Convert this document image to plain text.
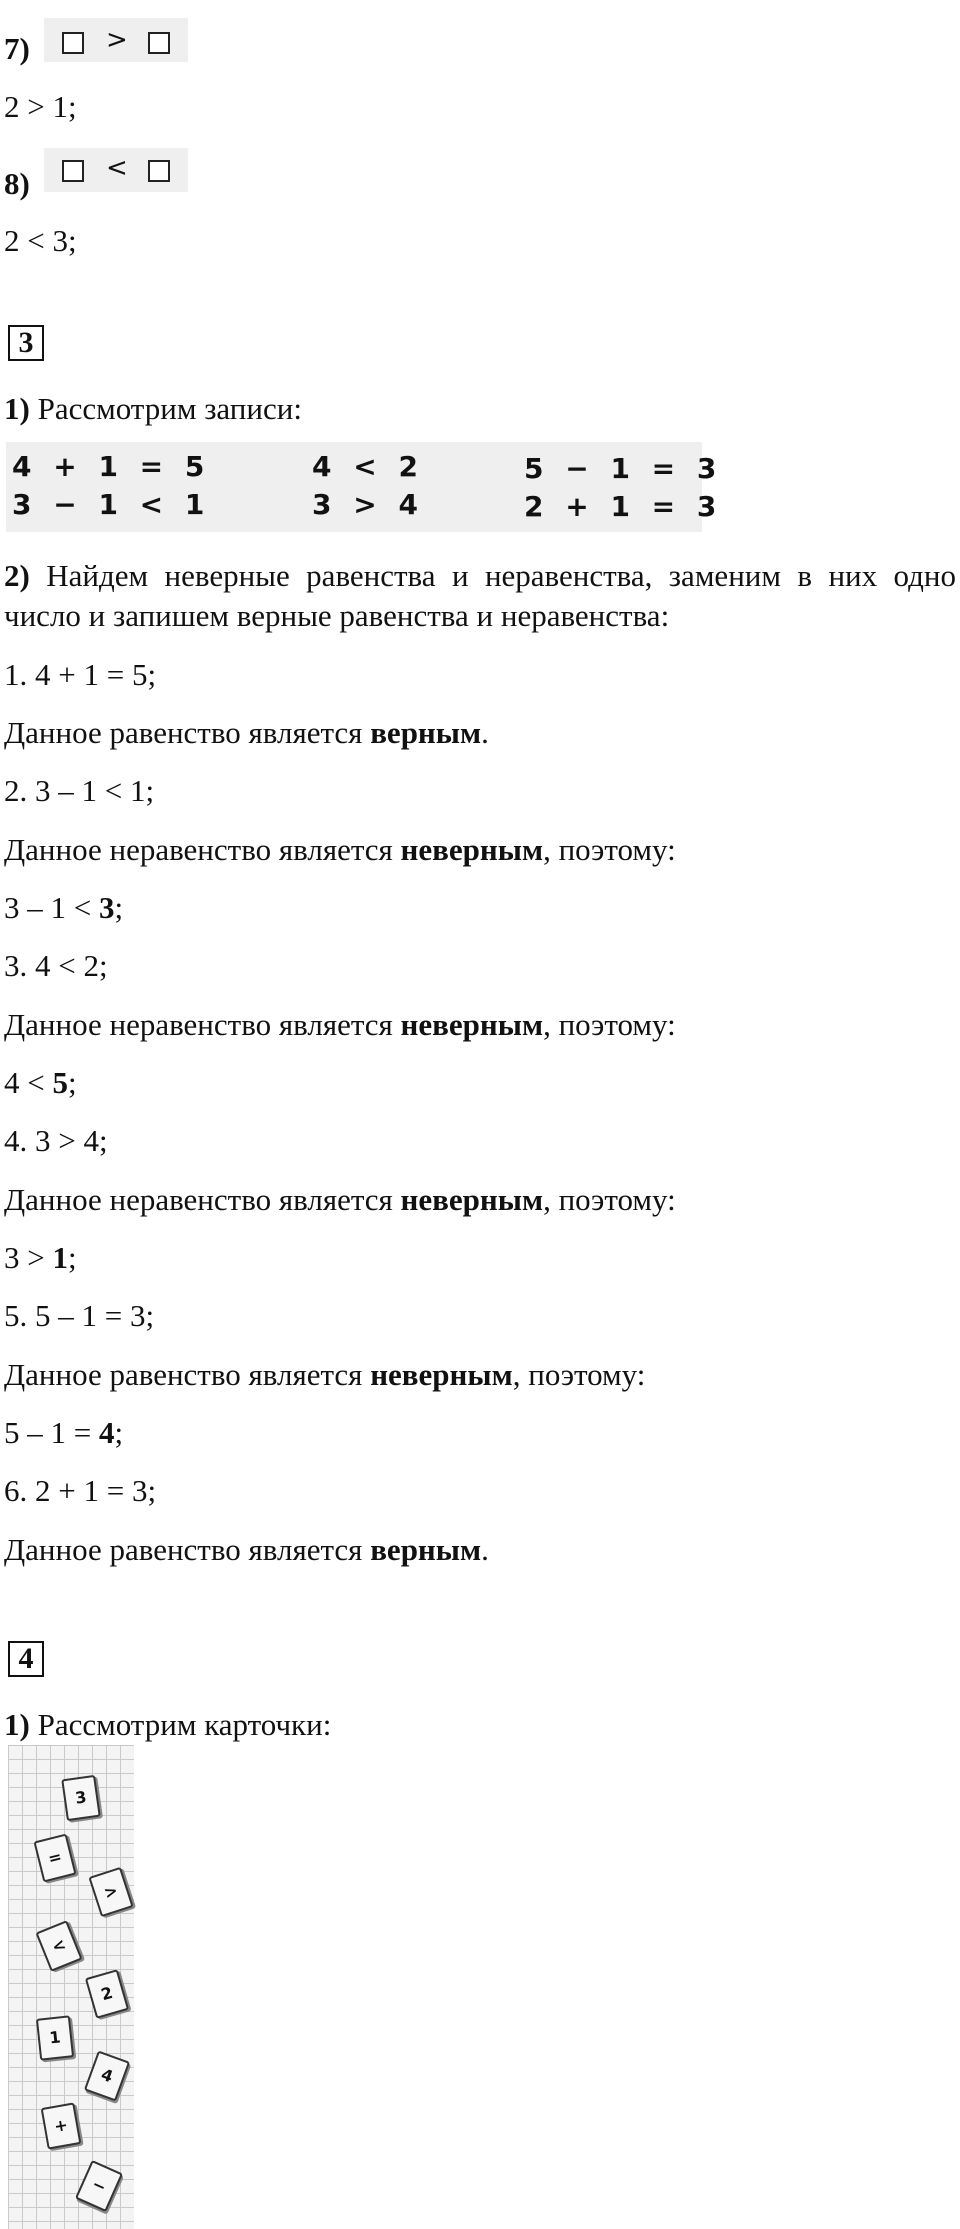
7)	>
2 > 1;
8)	<
2 < 3;
3
1) Рассмотрим записи:
4 + 1 = 5
3 − 1 < 1
4 < 2
3 > 4
5 − 1 = 3
2 + 1 = 3
2) Найдем неверные равенства и неравенства, заменим в них одно число и запишем верные равенства и неравенства:
1. 4 + 1 = 5;
Данное равенство является верным.
2. 3 – 1 < 1;
Данное неравенство является неверным, поэтому:
3 – 1 < 3;
3. 4 < 2;
Данное неравенство является неверным, поэтому:
4 < 5;
4. 3 > 4;
Данное неравенство является неверным, поэтому:
3 > 1;
5. 5 – 1 = 3;
Данное равенство является неверным, поэтому:
5 – 1 = 4;
6. 2 + 1 = 3;
Данное равенство является верным.
4
1) Рассмотрим карточки:
3
=
>
<
2
1
4
+
−
